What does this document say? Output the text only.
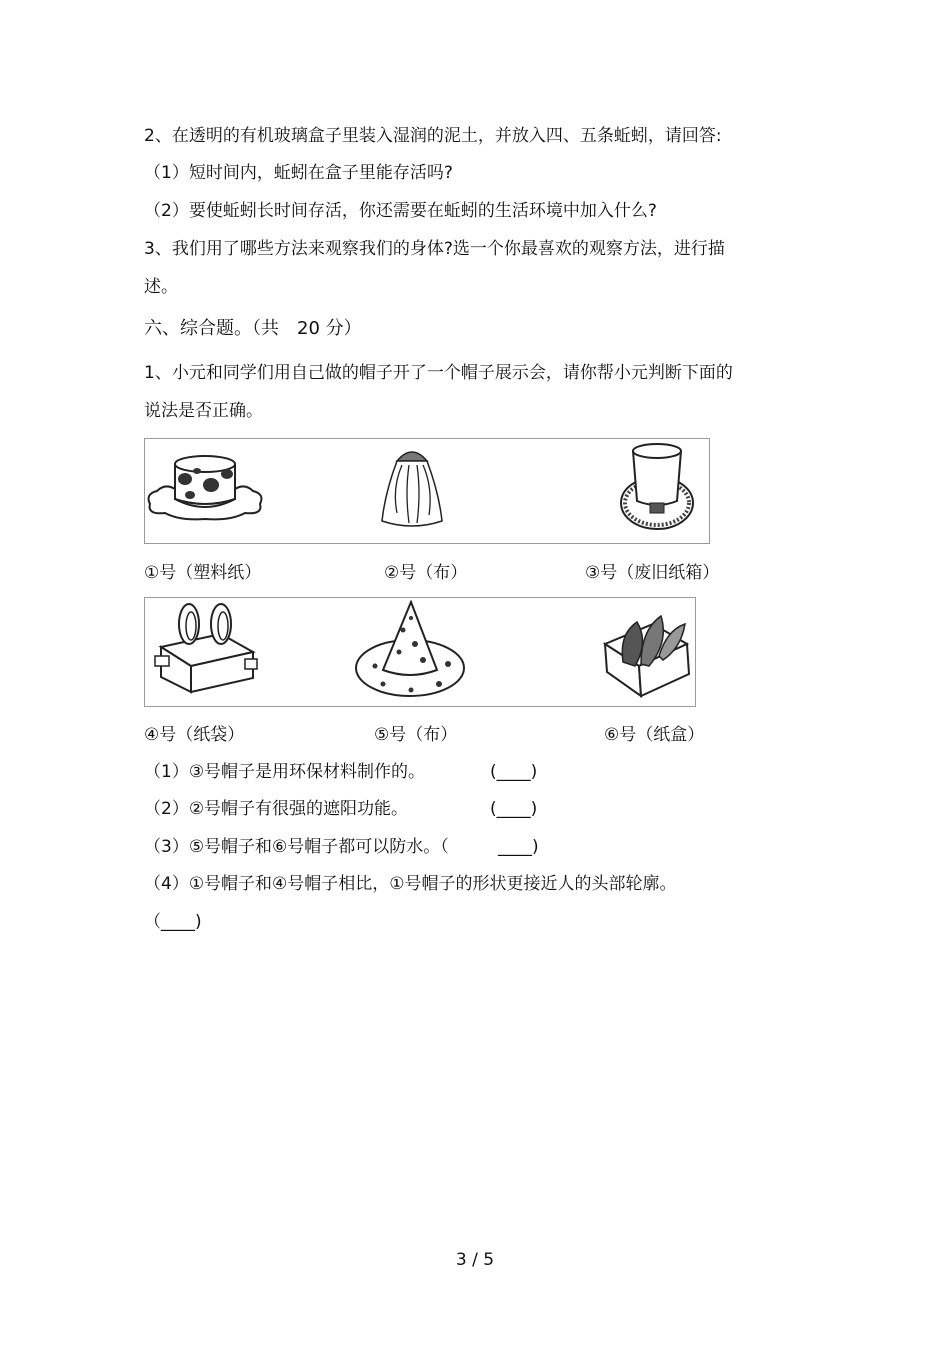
2、在透明的有机玻璃盒子里装入湿润的泥土，并放入四、五条蚯蚓，请回答:
（1）短时间内，蚯蚓在盒子里能存活吗?
（2）要使蚯蚓长时间存活，你还需要在蚯蚓的生活环境中加入什么?
3、我们用了哪些方法来观察我们的身体?选一个你最喜欢的观察方法，进行描
述。
六、综合题。（共　20 分）
1、小元和同学们用自己做的帽子开了一个帽子展示会，请你帮小元判断下面的
说法是否正确。
①号（塑料纸）	②号（布）	③号（废旧纸箱）
④号（纸袋）	⑤号（布）	⑥号（纸盒）
（1）③号帽子是用环保材料制作的。	(____)
（2）②号帽子有很强的遮阳功能。	(____)
（3）⑤号帽子和⑥号帽子都可以防水。（	____)
（4）①号帽子和④号帽子相比，①号帽子的形状更接近人的头部轮廓。
（____)
3 / 5
